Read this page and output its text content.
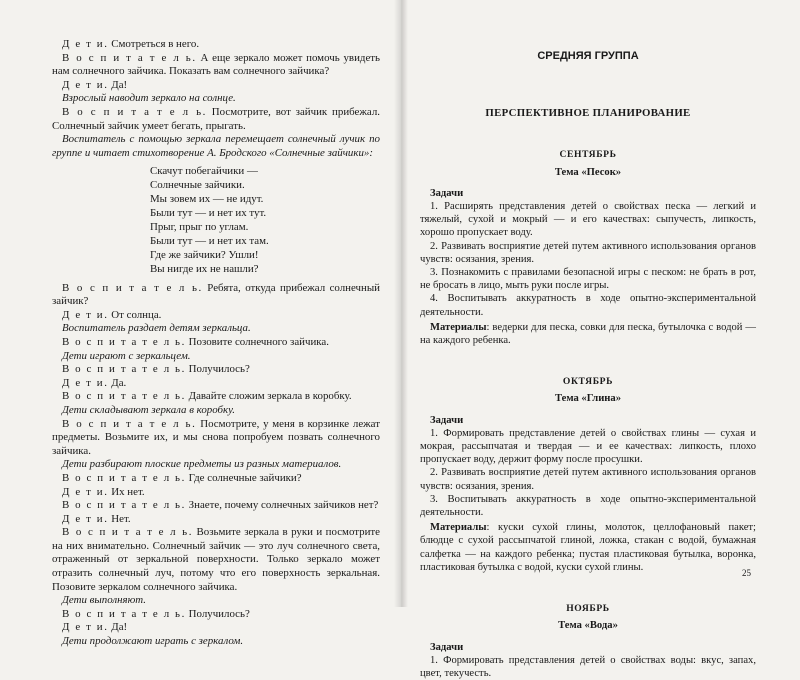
Д е т и. Смотреться в него.

В о с п и т а т е л ь. А еще зеркало может помочь увидеть нам солнечного зайчика. Показать вам солнечного зайчика?

Д е т и. Да!

Взрослый наводит зеркало на солнце.

В о с п и т а т е л ь. Посмотрите, вот зайчик прибежал. Солнечный зайчик умеет бегать, прыгать.

Воспитатель с помощью зеркала перемещает солнечный лучик по группе и читает стихотворение А. Бродского «Солнечные зайчики»:

Скачут побегайчики —

Солнечные зайчики.

Мы зовем их — не идут.

Были тут — и нет их тут.

Прыг, прыг по углам.

Были тут — и нет их там.

Где же зайчики? Ушли!

Вы нигде их не нашли?

В о с п и т а т е л ь. Ребята, откуда прибежал солнечный зайчик?

Д е т и. От солнца.

Воспитатель раздает детям зеркальца.

В о с п и т а т е л ь. Позовите солнечного зайчика.

Дети играют с зеркальцем.

В о с п и т а т е л ь. Получилось?

Д е т и. Да.

В о с п и т а т е л ь. Давайте сложим зеркала в коробку.

Дети складывают зеркала в коробку.

В о с п и т а т е л ь. Посмотрите, у меня в корзинке лежат предметы. Возьмите их, и мы снова попробуем позвать солнечного зайчика.

Дети разбирают плоские предметы из разных материалов.

В о с п и т а т е л ь. Где солнечные зайчики?

Д е т и. Их нет.

В о с п и т а т е л ь. Знаете, почему солнечных зайчиков нет?

Д е т и. Нет.

В о с п и т а т е л ь. Возьмите зеркала в руки и посмотрите на них внимательно. Солнечный зайчик — это луч солнечного света, отраженный от зеркальной поверхности. Только зеркало может отразить солнечный луч, потому что его поверхность зеркальная. Позовите зеркалом солнечного зайчика.

Дети выполняют.

В о с п и т а т е л ь. Получилось?

Д е т и. Да!

Дети продолжают играть с зеркалом.

СРЕДНЯЯ ГРУППА

ПЕРСПЕКТИВНОЕ ПЛАНИРОВАНИЕ

СЕНТЯБРЬ

Тема «Песок»

Задачи

1. Расширять представления детей о свойствах песка — легкий и тяжелый, сухой и мокрый — и его качествах: сыпучесть, липкость, хорошо пропускает воду.

2. Развивать восприятие детей путем активного использования органов чувств: осязания, зрения.

3. Познакомить с правилами безопасной игры с песком: не брать в рот, не бросать в лицо, мыть руки после игры.

4. Воспитывать аккуратность в ходе опытно-экспериментальной деятельности.

Материалы: ведерки для песка, совки для песка, бутылочка с водой — на каждого ребенка.

ОКТЯБРЬ

Тема «Глина»

Задачи

1. Формировать представление детей о свойствах глины — сухая и мокрая, рассыпчатая и твердая — и ее качествах: липкость, плохо пропускает воду, держит форму после просушки.

2. Развивать восприятие детей путем активного использования органов чувств: осязания, зрения.

3. Воспитывать аккуратность в ходе опытно-экспериментальной деятельности.

Материалы: куски сухой глины, молоток, целлофановый пакет; блюдце с сухой рассыпчатой глиной, ложка, стакан с водой, бумажная салфетка — на каждого ребенка; пустая пластиковая бутылка, воронка, пластиковая бутылка с водой, куски сухой глины.

НОЯБРЬ

Тема «Вода»

Задачи

1. Формировать представления детей о свойствах воды: вкус, запах, цвет, текучесть.

25
